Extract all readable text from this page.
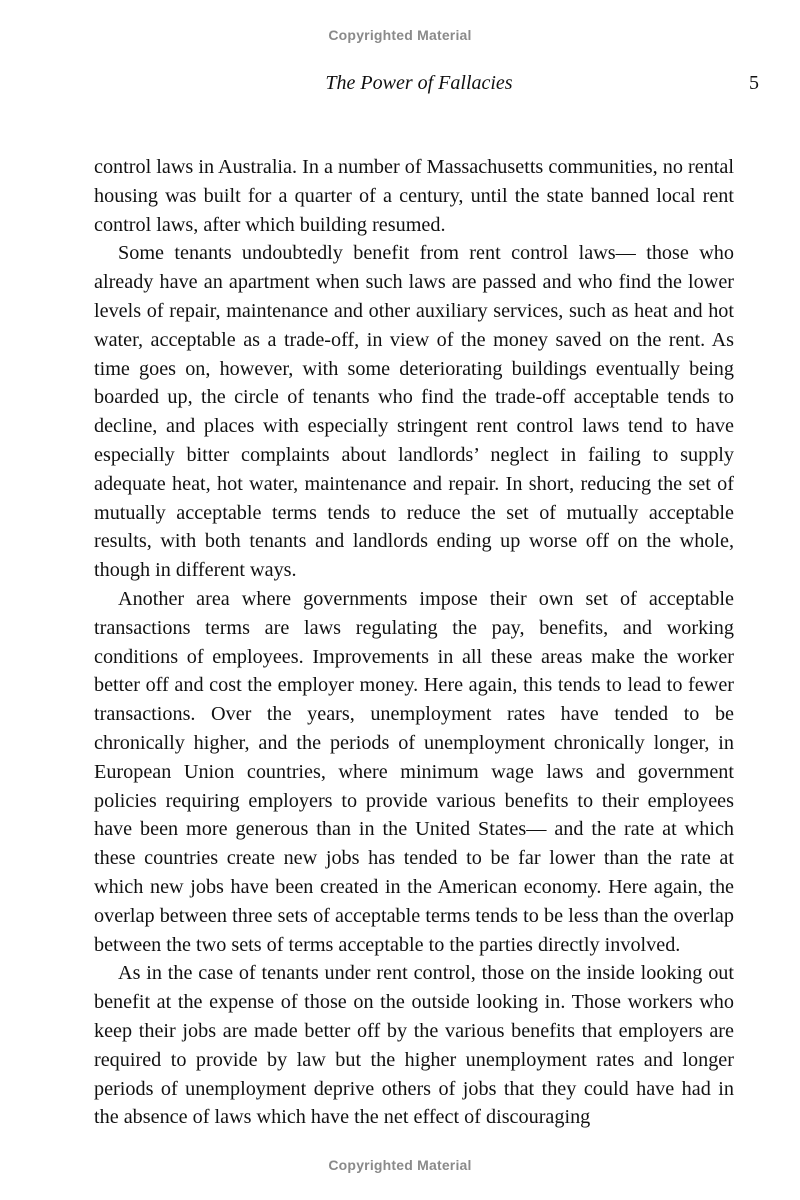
Copyrighted Material
The Power of Fallacies	5

control laws in Australia. In a number of Massachusetts communities, no rental housing was built for a quarter of a century, until the state banned local rent control laws, after which building resumed.

Some tenants undoubtedly benefit from rent control laws— those who already have an apartment when such laws are passed and who find the lower levels of repair, maintenance and other auxiliary services, such as heat and hot water, acceptable as a trade-off, in view of the money saved on the rent. As time goes on, however, with some deteriorating buildings eventually being boarded up, the circle of tenants who find the trade-off acceptable tends to decline, and places with especially stringent rent control laws tend to have especially bitter complaints about landlords’ neglect in failing to supply adequate heat, hot water, maintenance and repair. In short, reducing the set of mutually acceptable terms tends to reduce the set of mutually acceptable results, with both tenants and landlords ending up worse off on the whole, though in different ways.

Another area where governments impose their own set of acceptable transactions terms are laws regulating the pay, benefits, and working conditions of employees. Improvements in all these areas make the worker better off and cost the employer money. Here again, this tends to lead to fewer transactions. Over the years, unemployment rates have tended to be chronically higher, and the periods of unemployment chronically longer, in European Union countries, where minimum wage laws and government policies requiring employers to provide various benefits to their employees have been more generous than in the United States— and the rate at which these countries create new jobs has tended to be far lower than the rate at which new jobs have been created in the American economy. Here again, the overlap between three sets of acceptable terms tends to be less than the overlap between the two sets of terms acceptable to the parties directly involved.

As in the case of tenants under rent control, those on the inside looking out benefit at the expense of those on the outside looking in. Those workers who keep their jobs are made better off by the various benefits that employers are required to provide by law but the higher unemployment rates and longer periods of unemployment deprive others of jobs that they could have had in the absence of laws which have the net effect of discouraging

Copyrighted Material
